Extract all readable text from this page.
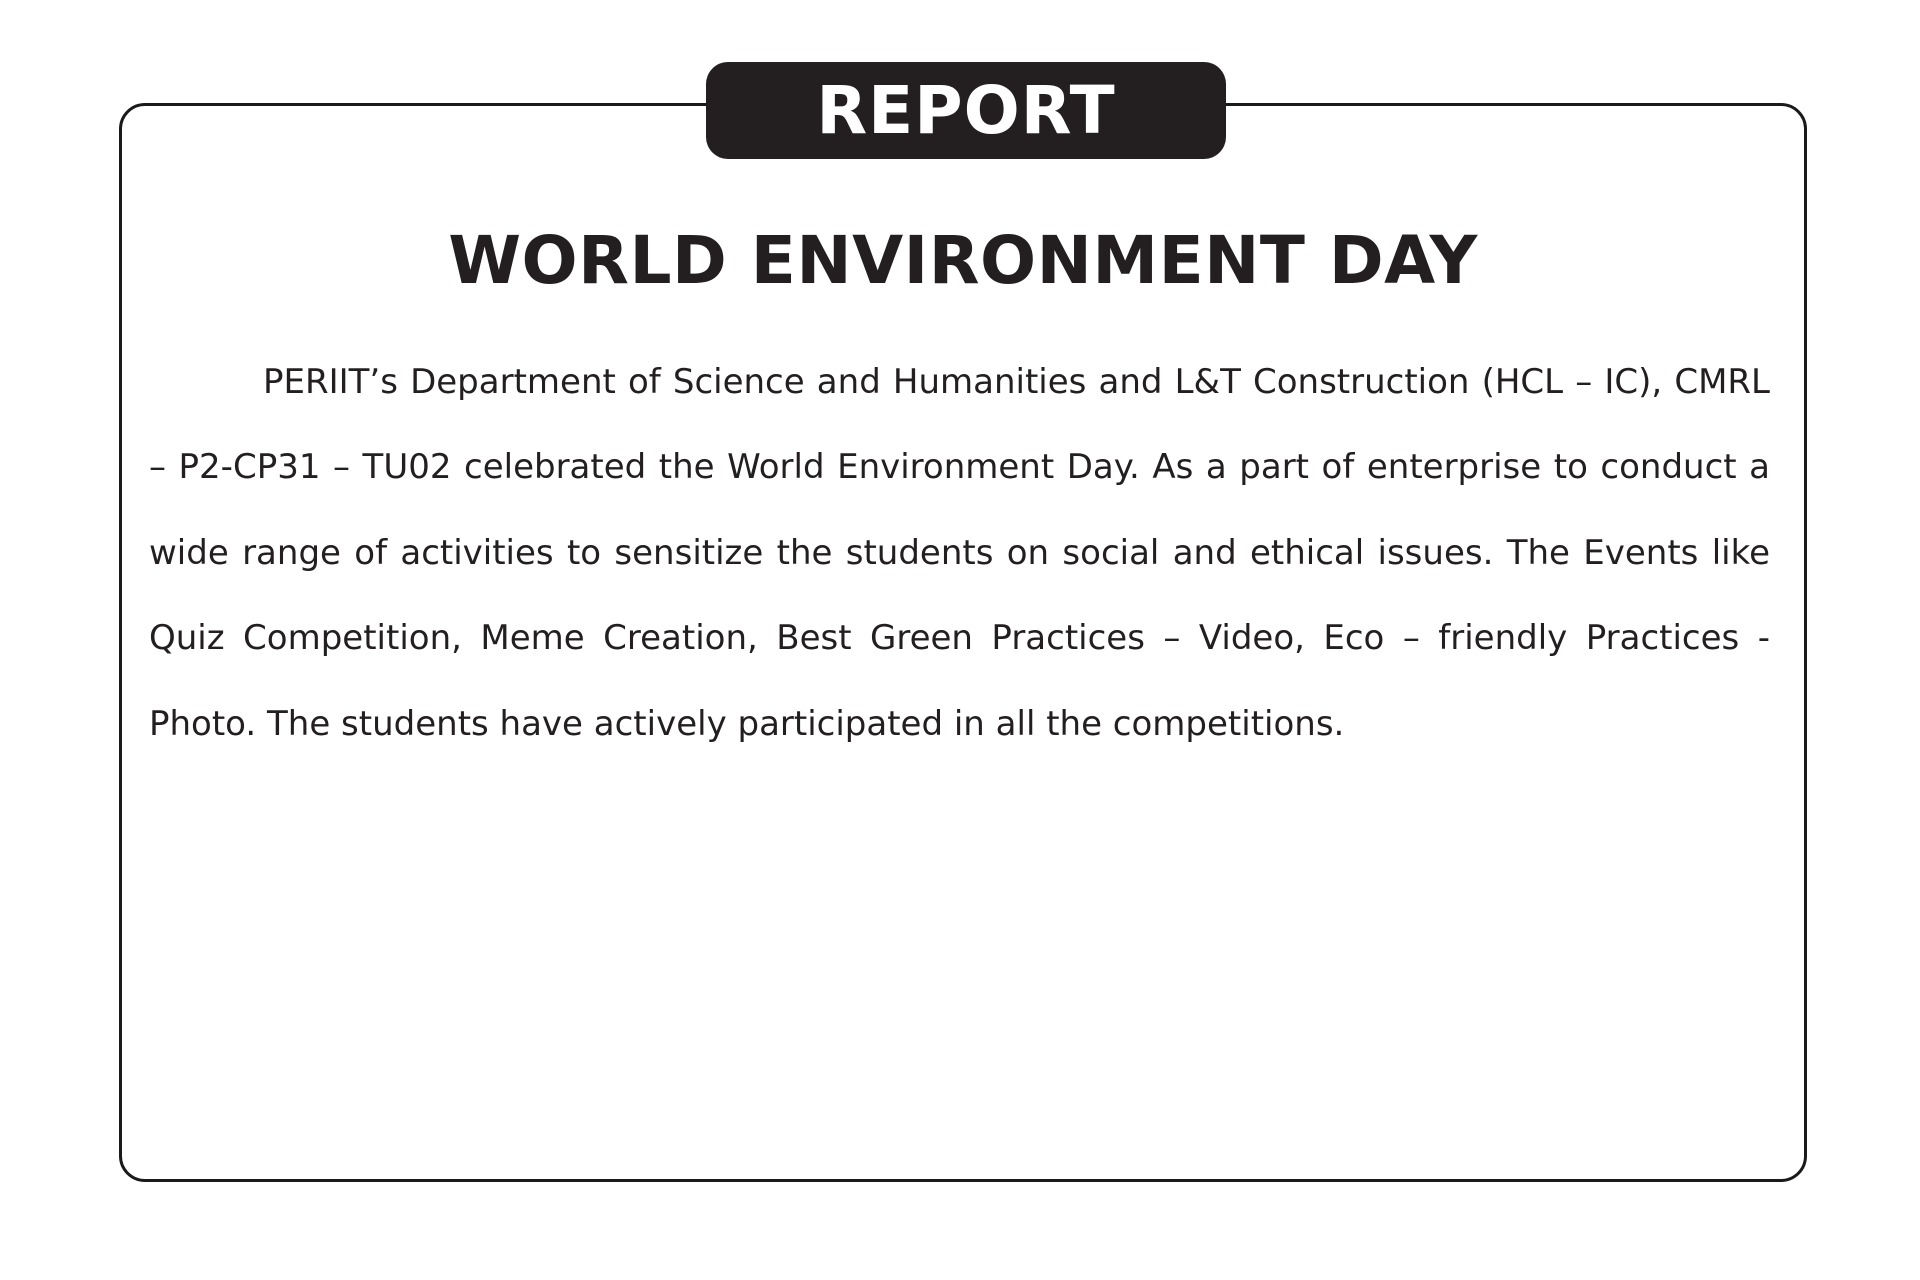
REPORT
WORLD ENVIRONMENT DAY

PERIIT’s Department of Science and Humanities and L&T Construction (HCL – IC), CMRL – P2-CP31 – TU02 celebrated the World Environment Day. As a part of enterprise to conduct a wide range of activities to sensitize the students on social and ethical issues. The Events like Quiz Competition, Meme Creation, Best Green Practices – Video, Eco – friendly Practices - Photo. The students have actively participated in all the competitions.
